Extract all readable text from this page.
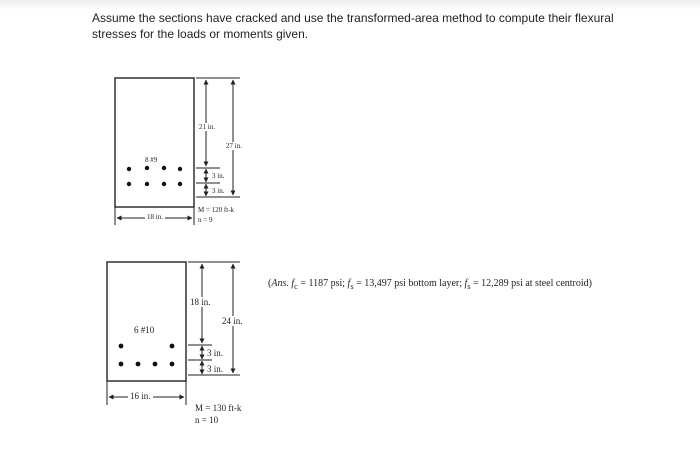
Assume the sections have cracked and use the transformed-area method to compute their flexural stresses for the loads or moments given.
21 in.
27 in.
8 #9
3 in.
3 in.
18 in.
M = 120 ft-k
n = 9
18 in.
24 in.
6 #10
3 in.
3 in.
16 in.
M = 130 ft-k
n = 10
(Ans. $f_c = 1187$ psi; $f_s = 13,497$ psi bottom layer; $f_s = 12,289$ psi at steel centroid)
